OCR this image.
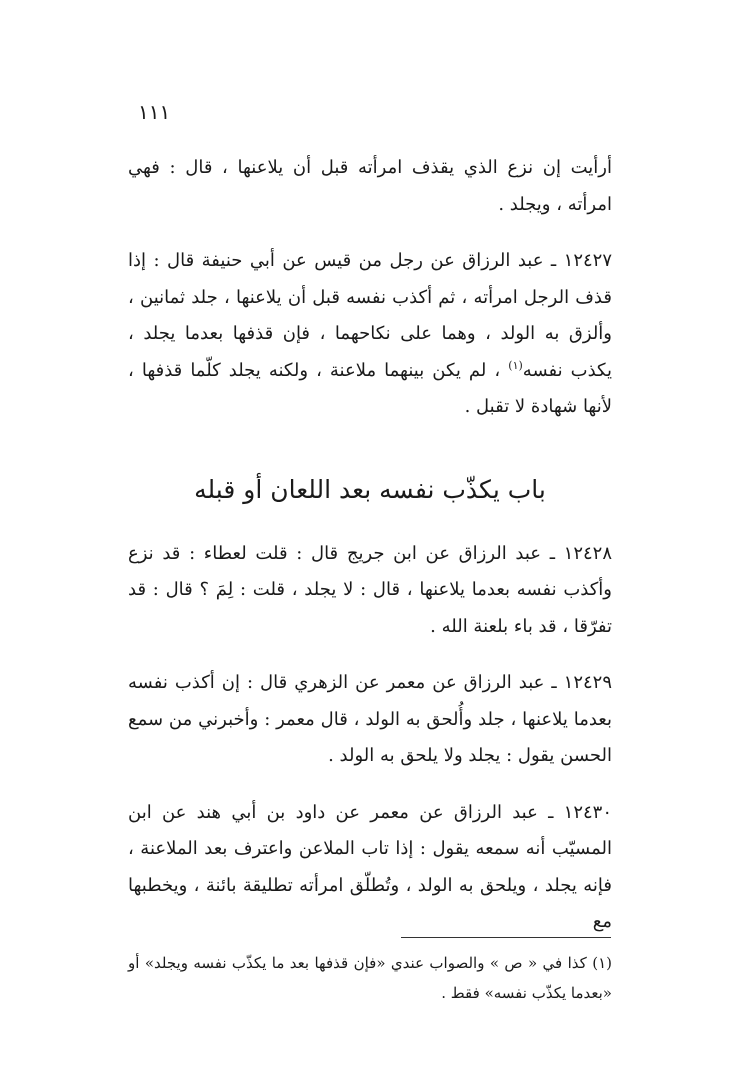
١١١

أرأيت إن نزع الذي يقذف امرأته قبل أن يلاعنها ، قال : فهي امرأته ، ويجلد .

١٢٤٢٧ ـ عبد الرزاق عن رجل من قيس عن أبي حنيفة قال : إذا قذف الرجل امرأته ، ثم أكذب نفسه قبل أن يلاعنها ، جلد ثمانين ، وألزق به الولد ، وهما على نكاحهما ، فإن قذفها بعدما يجلد ، يكذب نفسه$^{(١)}$ ، لم يكن بينهما ملاعنة ، ولكنه يجلد كلّما قذفها ، لأنها شهادة لا تقبل .

باب يكذّب نفسه بعد اللعان أو قبله

١٢٤٢٨ ـ عبد الرزاق عن ابن جريج قال : قلت لعطاء : قد نزع وأكذب نفسه بعدما يلاعنها ، قال : لا يجلد ، قلت : لِمَ ؟ قال : قد تفرّقا ، قد باء بلعنة الله .

١٢٤٢٩ ـ عبد الرزاق عن معمر عن الزهري قال : إن أكذب نفسه بعدما يلاعنها ، جلد وأُلحق به الولد ، قال معمر : وأخبرني من سمع الحسن يقول : يجلد ولا يلحق به الولد .

١٢٤٣٠ ـ عبد الرزاق عن معمر عن داود بن أبي هند عن ابن المسيّب أنه سمعه يقول : إذا تاب الملاعن واعترف بعد الملاعنة ، فإنه يجلد ، ويلحق به الولد ، وتُطلّق امرأته تطليقة بائنة ، ويخطبها مع

(١) كذا في « ص » والصواب عندي «فإن قذفها بعد ما يكذّب نفسه ويجلد» أو «بعدما يكذّب نفسه» فقط .
